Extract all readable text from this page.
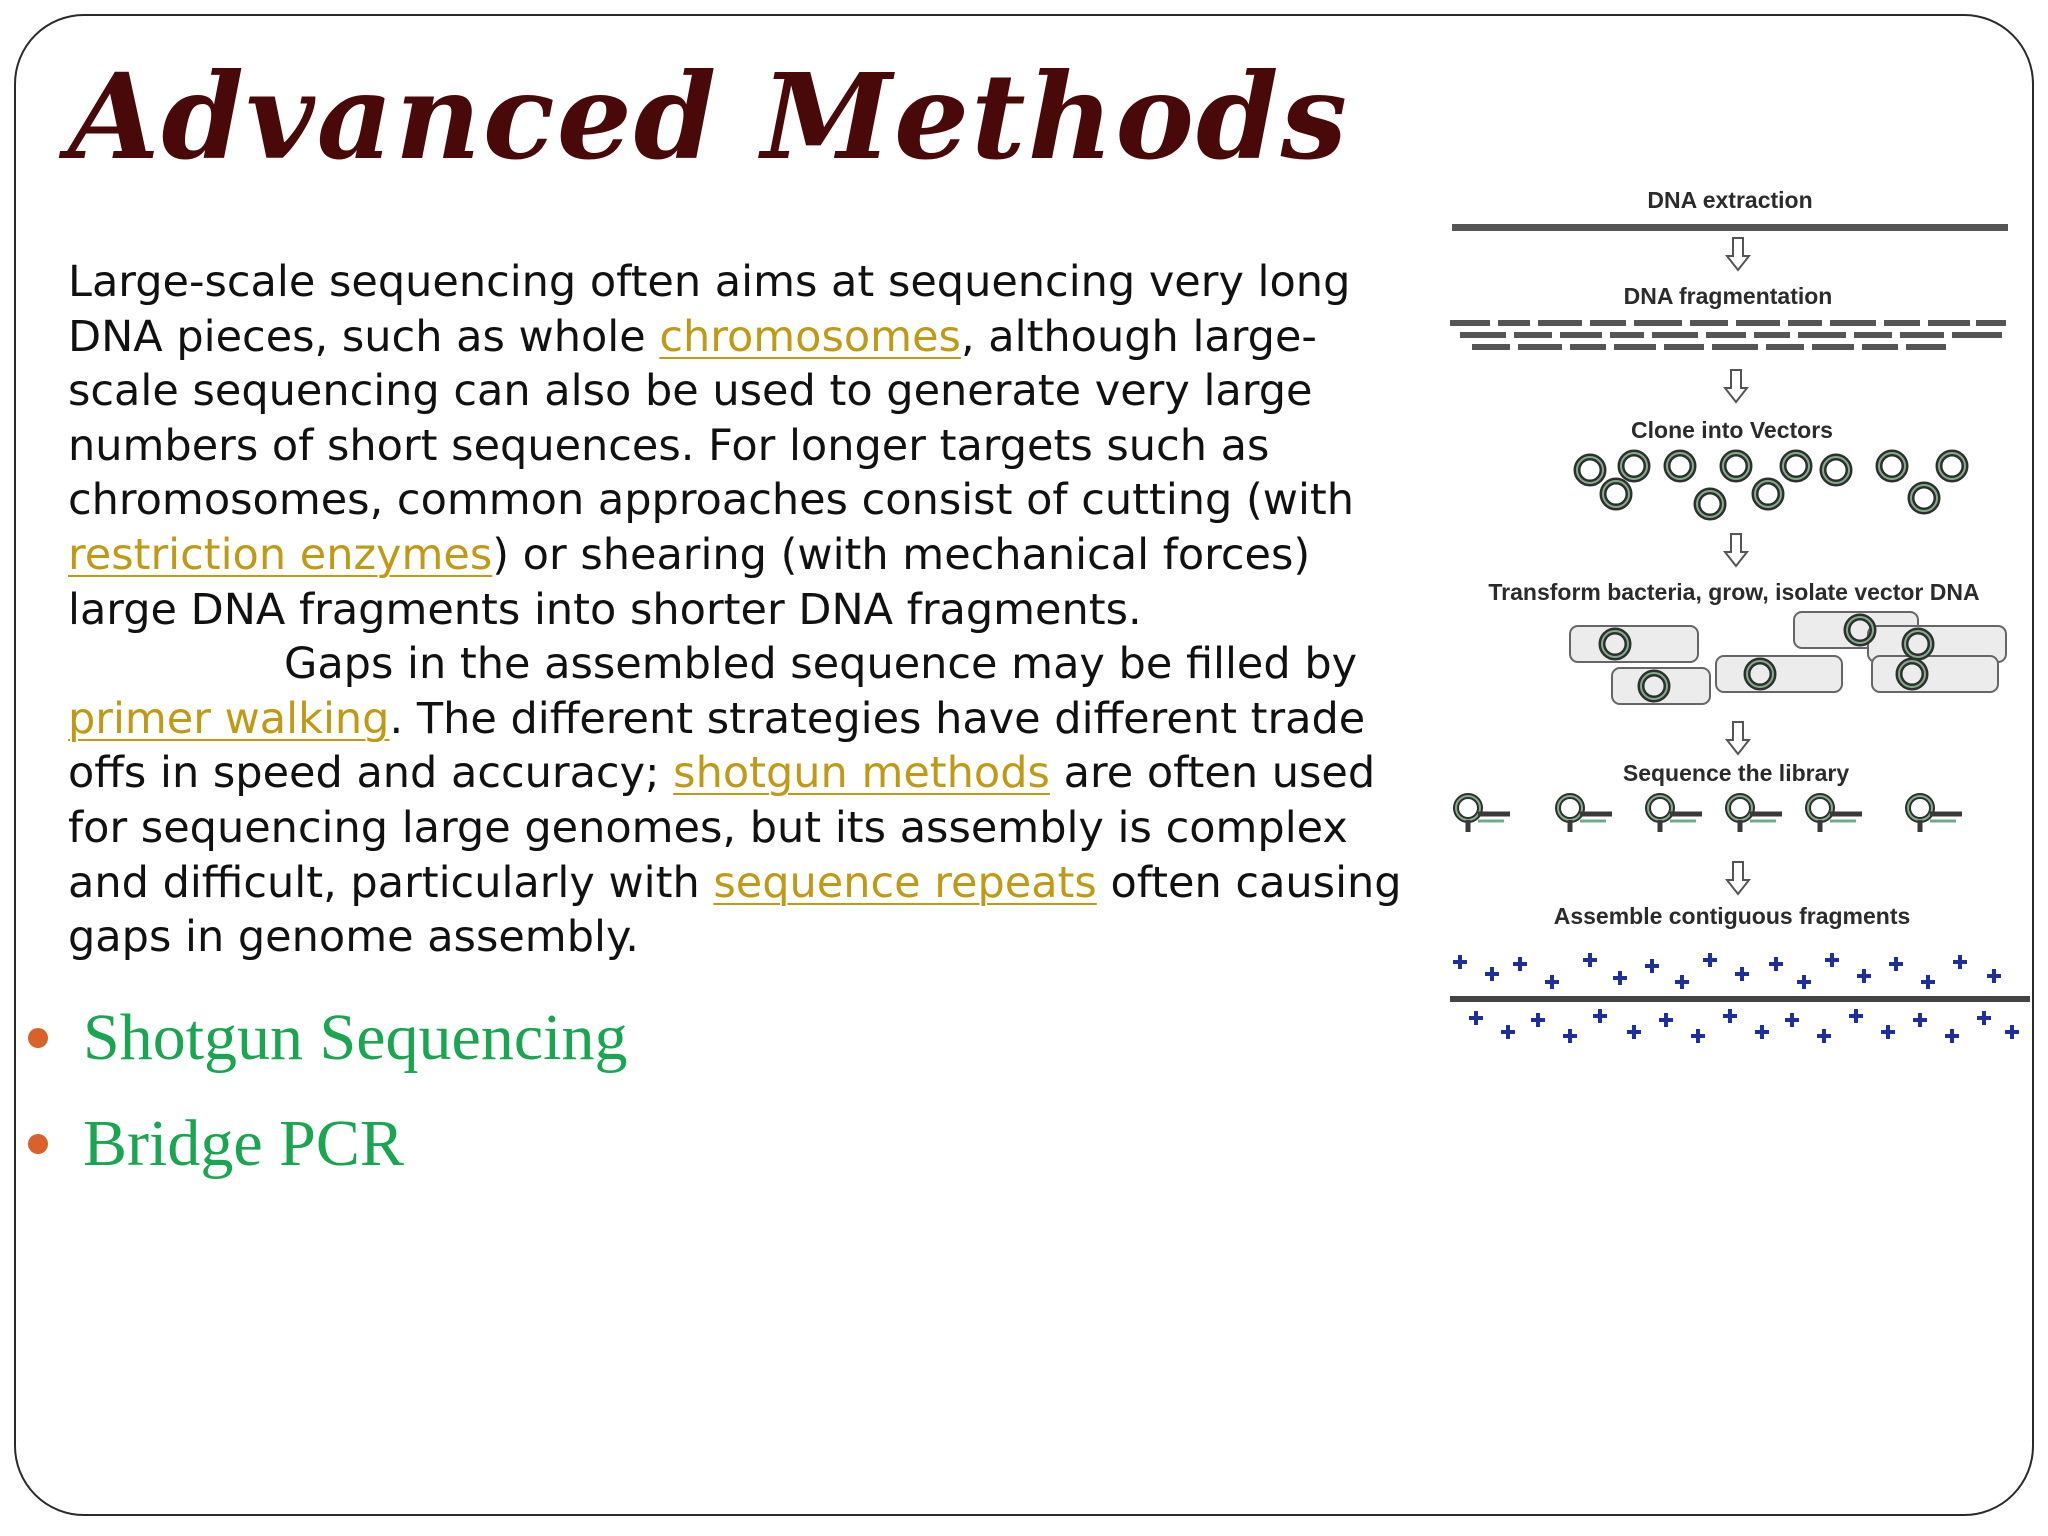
Advanced Methods
Large-scale sequencing often aims at sequencing very long DNA pieces, such as whole chromosomes, although large-scale sequencing can also be used to generate very large numbers of short sequences. For longer targets such as chromosomes, common approaches consist of cutting (with restriction enzymes) or shearing (with mechanical forces) large DNA fragments into shorter DNA fragments.
Gaps in the assembled sequence may be filled by primer walking. The different strategies have different trade offs in speed and accuracy; shotgun methods are often used for sequencing large genomes, but its assembly is complex and difficult, particularly with sequence repeats often causing gaps in genome assembly.
Shotgun Sequencing
Bridge PCR
DNA extraction
DNA fragmentation
Clone into Vectors
Transform bacteria, grow, isolate vector DNA
Sequence the library
Assemble contiguous fragments
